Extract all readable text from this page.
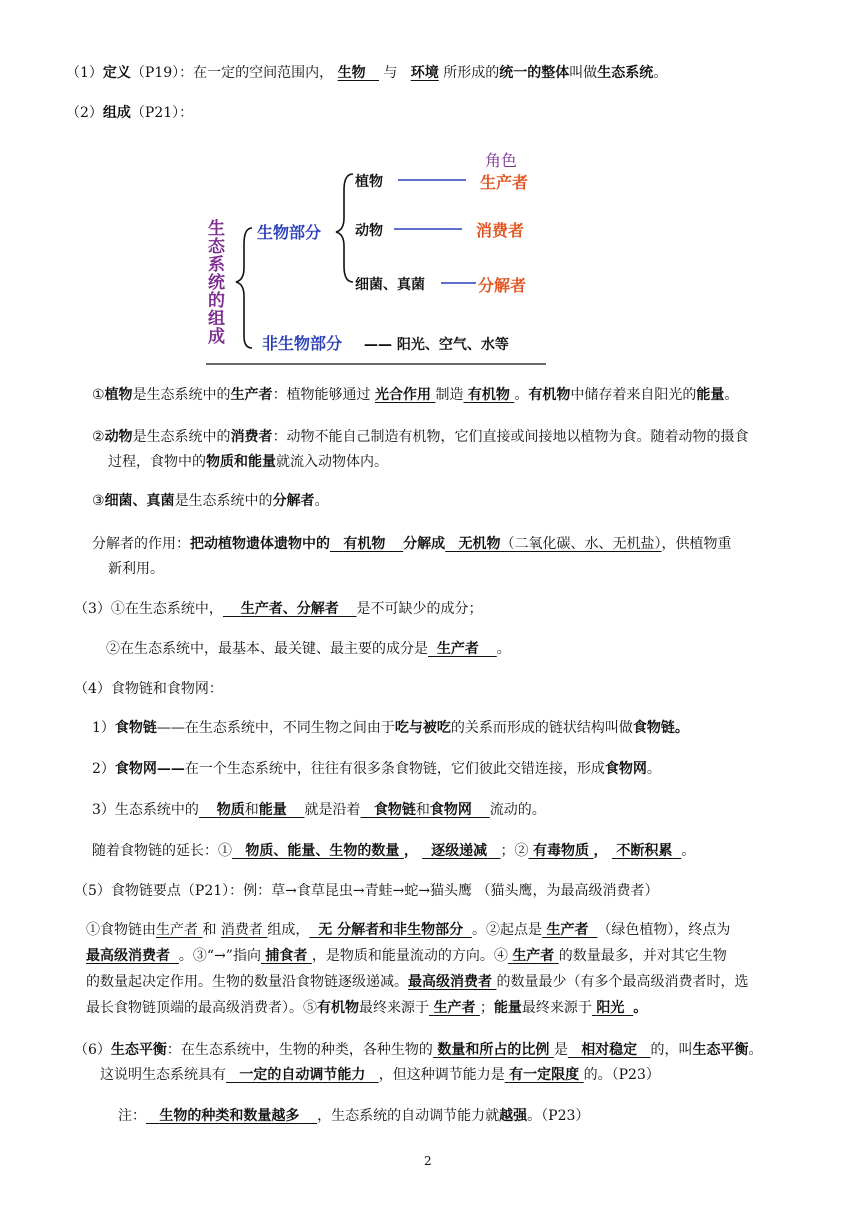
（1）定义（P19）：在一定的空间范围内， 生物 与 环境 所形成的统一的整体叫做生态系统。
（2）组成（P21）：
生
态
系
统
的
组
成
生物部分
非生物部分 —— 阳光、空气、水等
角色
植物	生产者
动物	消费者
细菌、真菌	分解者
①植物是生态系统中的生产者：植物能够通过 光合作用 制造 有机物 。有机物中储存着来自阳光的能量。
②动物是生态系统中的消费者：动物不能自己制造有机物，它们直接或间接地以植物为食。随着动物的摄食
过程，食物中的物质和能量就流入动物体内。
③细菌、真菌是生态系统中的分解者。
分解者的作用：把动植物遗体遗物中的 有机物 分解成 无机物（二氧化碳、水、无机盐），供植物重
新利用。
（3）①在生态系统中， 生产者、分解者 是不可缺少的成分；
②在生态系统中，最基本、最关键、最主要的成分是 生产者 。
（4）食物链和食物网：
1）食物链——在生态系统中，不同生物之间由于吃与被吃的关系而形成的链状结构叫做食物链。
2）食物网——在一个生态系统中，往往有很多条食物链，它们彼此交错连接，形成食物网。
3）生态系统中的 物质和能量 就是沿着 食物链和食物网 流动的。
随着食物链的延长：① 物质、能量、生物的数量 ， 逐级递减 ；② 有毒物质 ， 不断积累 。
（5）食物链要点（P21）：例：草→食草昆虫→青蛙→蛇→猫头鹰 （猫头鹰，为最高级消费者）
①食物链由生产者 和 消费者 组成， 无 分解者和非生物部分 。②起点是 生产者 （绿色植物），终点为
最高级消费者 。③“→”指向 捕食者 ，是物质和能量流动的方向。④ 生产者 的数量最多，并对其它生物
的数量起决定作用。生物的数量沿食物链逐级递减。最高级消费者 的数量最少（有多个最高级消费者时，选
最长食物链顶端的最高级消费者）。⑤有机物最终来源于 生产者 ；能量最终来源于 阳光 。
（6）生态平衡：在生态系统中，生物的种类，各种生物的 数量和所占的比例 是 相对稳定 的，叫生态平衡。
这说明生态系统具有 一定的自动调节能力 ，但这种调节能力是 有一定限度 的。（P23）
注： 生物的种类和数量越多 ，生态系统的自动调节能力就越强。（P23）
2
